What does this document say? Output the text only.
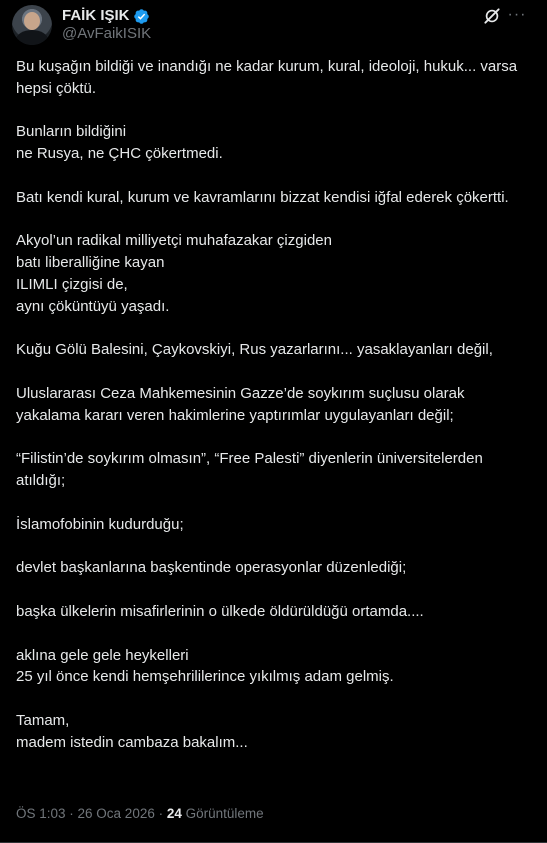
FAİK IŞIK
@AvFaikISIK
···

Bu kuşağın bildiği ve inandığı ne kadar kurum, kural, ideoloji, hukuk... varsa
hepsi çöktü.

Bunların bildiğini
ne Rusya, ne ÇHC çökertmedi.

Batı kendi kural, kurum ve kavramlarını bizzat kendisi iğfal ederek çökertti.

Akyol’un radikal milliyetçi muhafazakar çizgiden
batı liberalliğine kayan
ILIMLI çizgisi de,
aynı çöküntüyü yaşadı.

Kuğu Gölü Balesini, Çaykovskiyi, Rus yazarlarını... yasaklayanları değil,

Uluslararası Ceza Mahkemesinin Gazze’de soykırım suçlusu olarak yakalama kararı veren hakimlerine yaptırımlar uygulayanları değil;

“Filistin’de soykırım olmasın”, “Free Palesti” diyenlerin üniversitelerden atıldığı;

İslamofobinin kudurduğu;

devlet başkanlarına başkentinde operasyonlar düzenlediği;

başka ülkelerin misafirlerinin o ülkede öldürüldüğü ortamda....

aklına gele gele heykelleri
25 yıl önce kendi hemşehrililerince yıkılmış adam gelmiş.

Tamam,
madem istedin cambaza bakalım...

ÖS 1:03 · 26 Oca 2026 · 24 Görüntüleme
